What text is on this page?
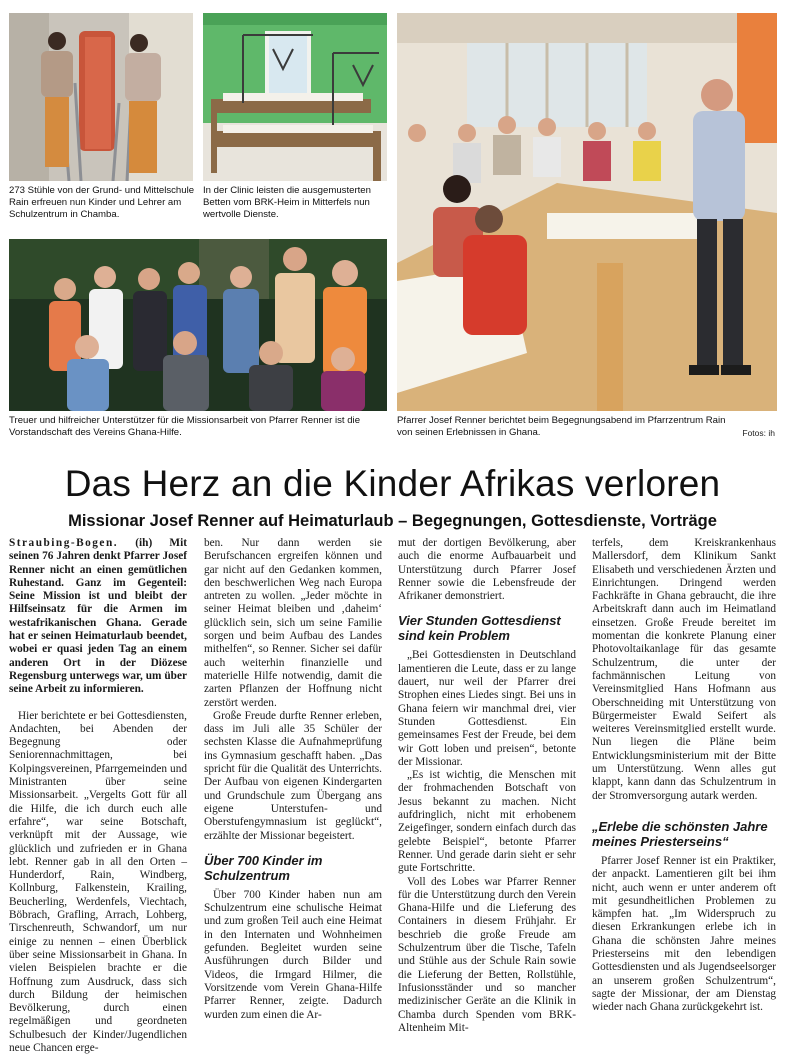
273 Stühle von der Grund- und Mittelschule Rain erfreuen nun Kinder und Lehrer am Schulzentrum in Chamba.
In der Clinic leisten die ausgemusterten Betten vom BRK-Heim in Mitterfels nun wertvolle Dienste.
Treuer und hilfreicher Unterstützer für die Missionsarbeit von Pfarrer Renner ist die Vorstandschaft des Vereins Ghana-Hilfe.
Pfarrer Josef Renner berichtet beim Begegnungsabend im Pfarrzentrum Rain von seinen Erlebnissen in Ghana.	Fotos: ih
Das Herz an die Kinder Afrikas verloren
Missionar Josef Renner auf Heimaturlaub – Begegnungen, Gottesdienste, Vorträge

Straubing-Bogen. (ih) Mit seinen 76 Jahren denkt Pfarrer Josef Renner nicht an einen gemütlichen Ruhestand. Ganz im Gegenteil: Seine Mission ist und bleibt der Hilfseinsatz für die Armen im westafrikanischen Ghana. Gerade hat er seinen Heimaturlaub beendet, wobei er quasi jeden Tag an einem anderen Ort in der Diözese Regensburg unterwegs war, um über seine Arbeit zu informieren.

Hier berichtete er bei Gottesdiensten, Andachten, bei Abenden der Begegnung oder Seniorennachmittagen, bei Kolpingsvereinen, Pfarrgemeinden und Ministranten über seine Missionsarbeit. „Vergelts Gott für all die Hilfe, die ich durch euch alle erfahre“, war seine Botschaft, verknüpft mit der Aussage, wie glücklich und zufrieden er in Ghana lebt. Renner gab in all den Orten – Hunderdorf, Rain, Windberg, Kollnburg, Falkenstein, Krailing, Beucherling, Werdenfels, Viechtach, Böbrach, Grafling, Arrach, Lohberg, Tirschenreuth, Schwandorf, um nur einige zu nennen – einen Überblick über seine Missionsarbeit in Ghana. In vielen Beispielen brachte er die Hoffnung zum Ausdruck, dass sich durch Bildung der heimischen Bevölkerung, durch einen regelmäßigen und geordneten Schulbesuch der Kinder/Jugendlichen neue Chancen erge-

ben. Nur dann werden sie Berufschancen ergreifen können und gar nicht auf den Gedanken kommen, den beschwerlichen Weg nach Europa antreten zu wollen. „Jeder möchte in seiner Heimat bleiben und ‚daheim‘ glücklich sein, sich um seine Familie sorgen und beim Aufbau des Landes mithelfen“, so Renner. Sicher sei dafür auch weiterhin finanzielle und materielle Hilfe notwendig, damit die zarten Pflanzen der Hoffnung nicht zerstört werden.

Große Freude durfte Renner erleben, dass im Juli alle 35 Schüler der sechsten Klasse die Aufnahmeprüfung ins Gymnasium geschafft haben. „Das spricht für die Qualität des Unterrichts. Der Aufbau von eigenen Kindergarten und Grundschule zum Übergang ans eigene Unterstufen- und Oberstufengymnasium ist geglückt“, erzählte der Missionar begeistert.

Über 700 Kinder im Schulzentrum

Über 700 Kinder haben nun am Schulzentrum eine schulische Heimat und zum großen Teil auch eine Heimat in den Internaten und Wohnheimen gefunden. Begleitet wurden seine Ausführungen durch Bilder und Videos, die Irmgard Hilmer, die Vorsitzende vom Verein Ghana-Hilfe Pfarrer Renner, zeigte. Dadurch wurden zum einen die Ar-

mut der dortigen Bevölkerung, aber auch die enorme Aufbauarbeit und Unterstützung durch Pfarrer Josef Renner sowie die Lebensfreude der Afrikaner demonstriert.

Vier Stunden Gottesdienst sind kein Problem

„Bei Gottesdiensten in Deutschland lamentieren die Leute, dass er zu lange dauert, nur weil der Pfarrer drei Strophen eines Liedes singt. Bei uns in Ghana feiern wir manchmal drei, vier Stunden Gottesdienst. Ein gemeinsames Fest der Freude, bei dem wir Gott loben und preisen“, betonte der Missionar.

„Es ist wichtig, die Menschen mit der frohmachenden Botschaft von Jesus bekannt zu machen. Nicht aufdringlich, nicht mit erhobenem Zeigefinger, sondern einfach durch das gelebte Beispiel“, betonte Pfarrer Renner. Und gerade darin sieht er sehr gute Fortschritte.

Voll des Lobes war Pfarrer Renner für die Unterstützung durch den Verein Ghana-Hilfe und die Lieferung des Containers in diesem Frühjahr. Er beschrieb die große Freude am Schulzentrum über die Tische, Tafeln und Stühle aus der Schule Rain sowie die Lieferung der Betten, Rollstühle, Infusionsständer und so mancher medizinischer Geräte an die Klinik in Chamba durch Spenden vom BRK-Altenheim Mit-

terfels, dem Kreiskrankenhaus Mallersdorf, dem Klinikum Sankt Elisabeth und verschiedenen Ärzten und Einrichtungen. Dringend werden Fachkräfte in Ghana gebraucht, die ihre Arbeitskraft dann auch im Heimatland einsetzen. Große Freude bereitet im momentan die konkrete Planung einer Photovoltaikanlage für das gesamte Schulzentrum, die unter der fachmännischen Leitung von Vereinsmitglied Hans Hofmann aus Oberschneiding mit Unterstützung von Bürgermeister Ewald Seifert als weiteres Vereinsmitglied erstellt wurde. Nun liegen die Pläne beim Entwicklungsministerium mit der Bitte um Unterstützung. Wenn alles gut klappt, kann dann das Schulzentrum in der Stromversorgung autark werden.

„Erlebe die schönsten Jahre meines Priesterseins“

Pfarrer Josef Renner ist ein Praktiker, der anpackt. Lamentieren gilt bei ihm nicht, auch wenn er unter anderem oft mit gesundheitlichen Problemen zu kämpfen hat. „Im Widerspruch zu diesen Erkrankungen erlebe ich in Ghana die schönsten Jahre meines Priesterseins mit den lebendigen Gottesdiensten und als Jugendseelsorger an unserem großen Schulzentrum“, sagte der Missionar, der am Dienstag wieder nach Ghana zurückgekehrt ist.
